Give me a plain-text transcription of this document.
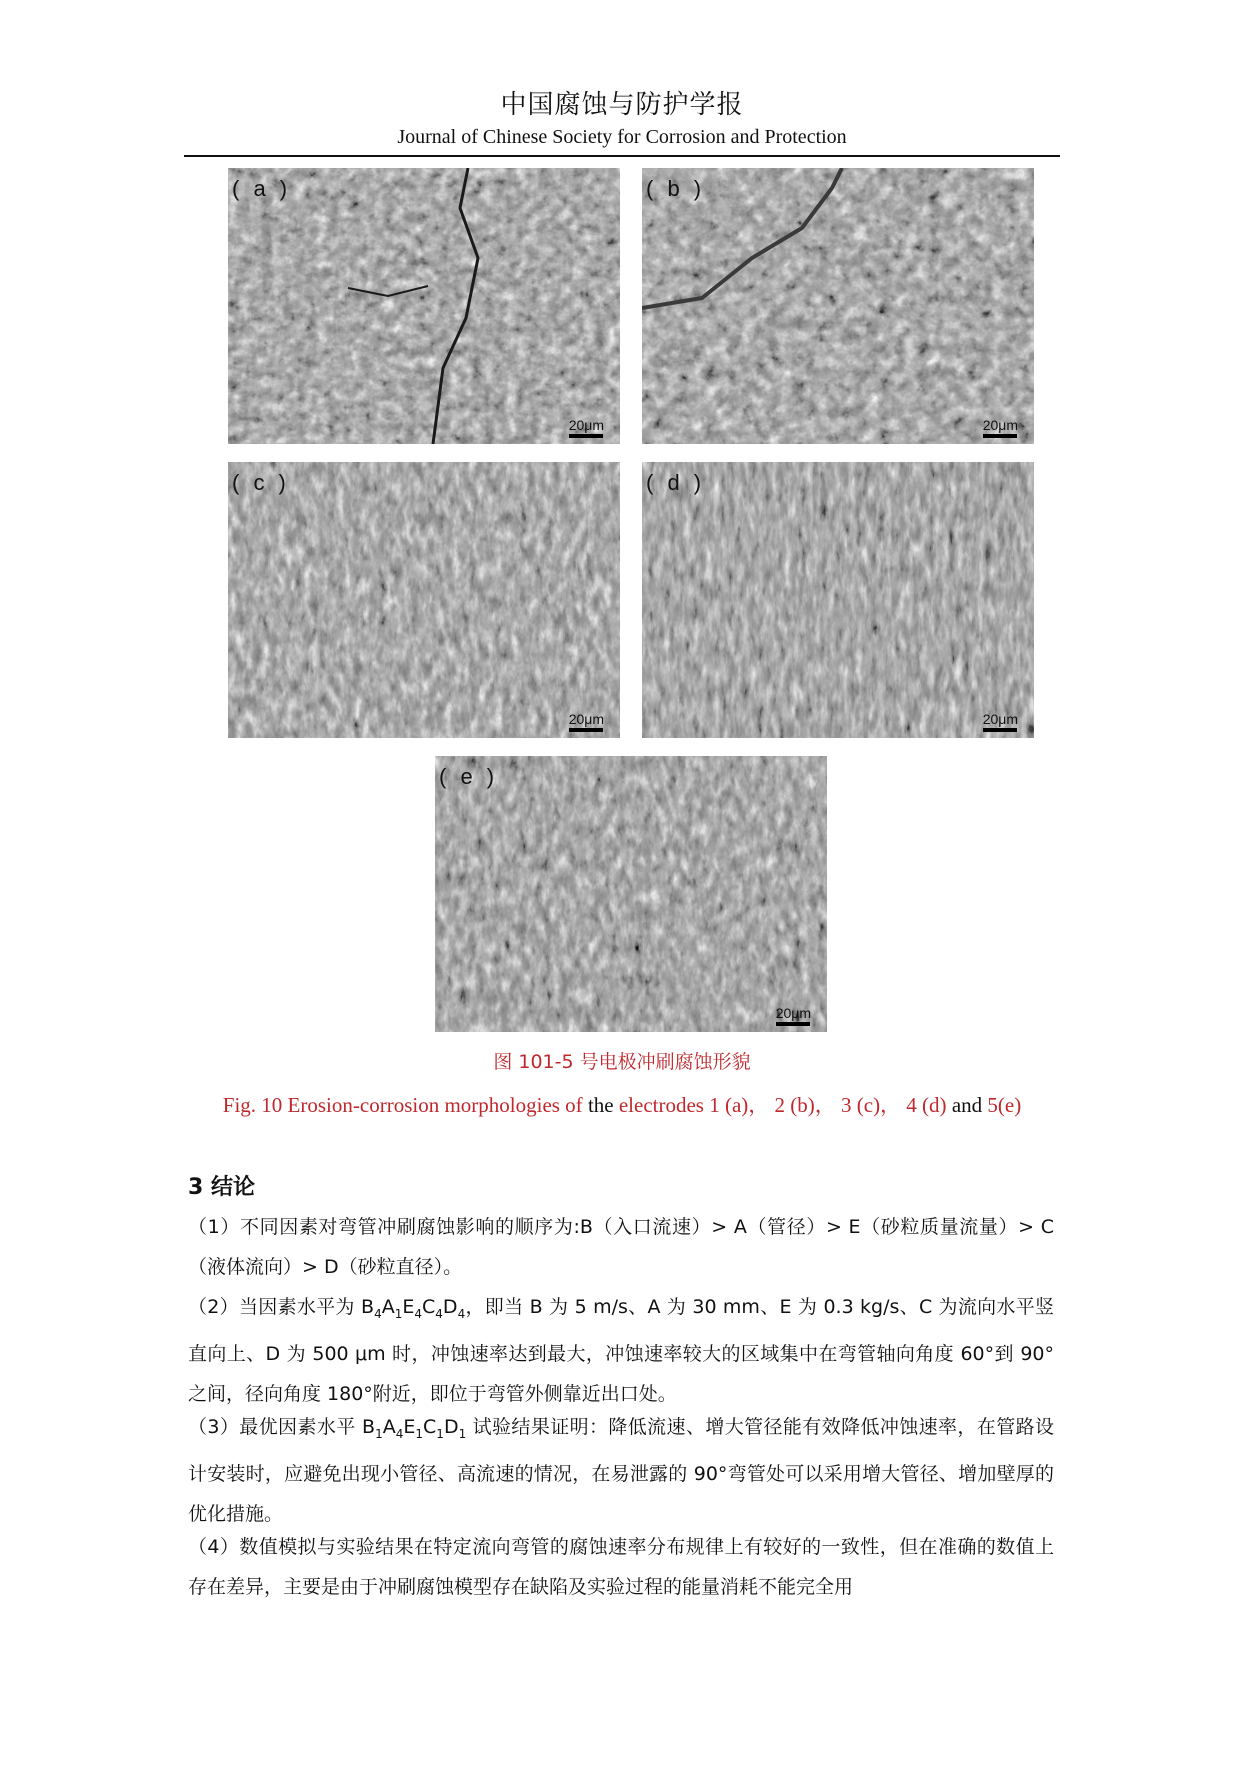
中国腐蚀与防护学报
Journal of Chinese Society for Corrosion and Protection
( a )
20μm
( b )
20μm
( c )
20μm
( d )
20μm
( e )
20μm
图 101-5 号电极冲刷腐蚀形貌
Fig. 10 Erosion-corrosion morphologies of the electrodes 1 (a)， 2 (b)， 3 (c)， 4 (d) and 5(e)
3 结论
（1）不同因素对弯管冲刷腐蚀影响的顺序为:B（入口流速）> A（管径）> E（砂粒质量流量）> C（液体流向）> D（砂粒直径）。
（2）当因素水平为 $B_4A_1E_4C_4D_4$，即当 B 为 5 m/s、A 为 30 mm、E 为 0.3 kg/s、C 为流向水平竖直向上、D 为 500 μm 时，冲蚀速率达到最大，冲蚀速率较大的区域集中在弯管轴向角度 60°到 90°之间，径向角度 180°附近，即位于弯管外侧靠近出口处。
（3）最优因素水平 $B_1A_4E_1C_1D_1$ 试验结果证明：降低流速、增大管径能有效降低冲蚀速率，在管路设计安装时，应避免出现小管径、高流速的情况，在易泄露的 90°弯管处可以采用增大管径、增加壁厚的优化措施。
（4）数值模拟与实验结果在特定流向弯管的腐蚀速率分布规律上有较好的一致性，但在准确的数值上存在差异，主要是由于冲刷腐蚀模型存在缺陷及实验过程的能量消耗不能完全用
